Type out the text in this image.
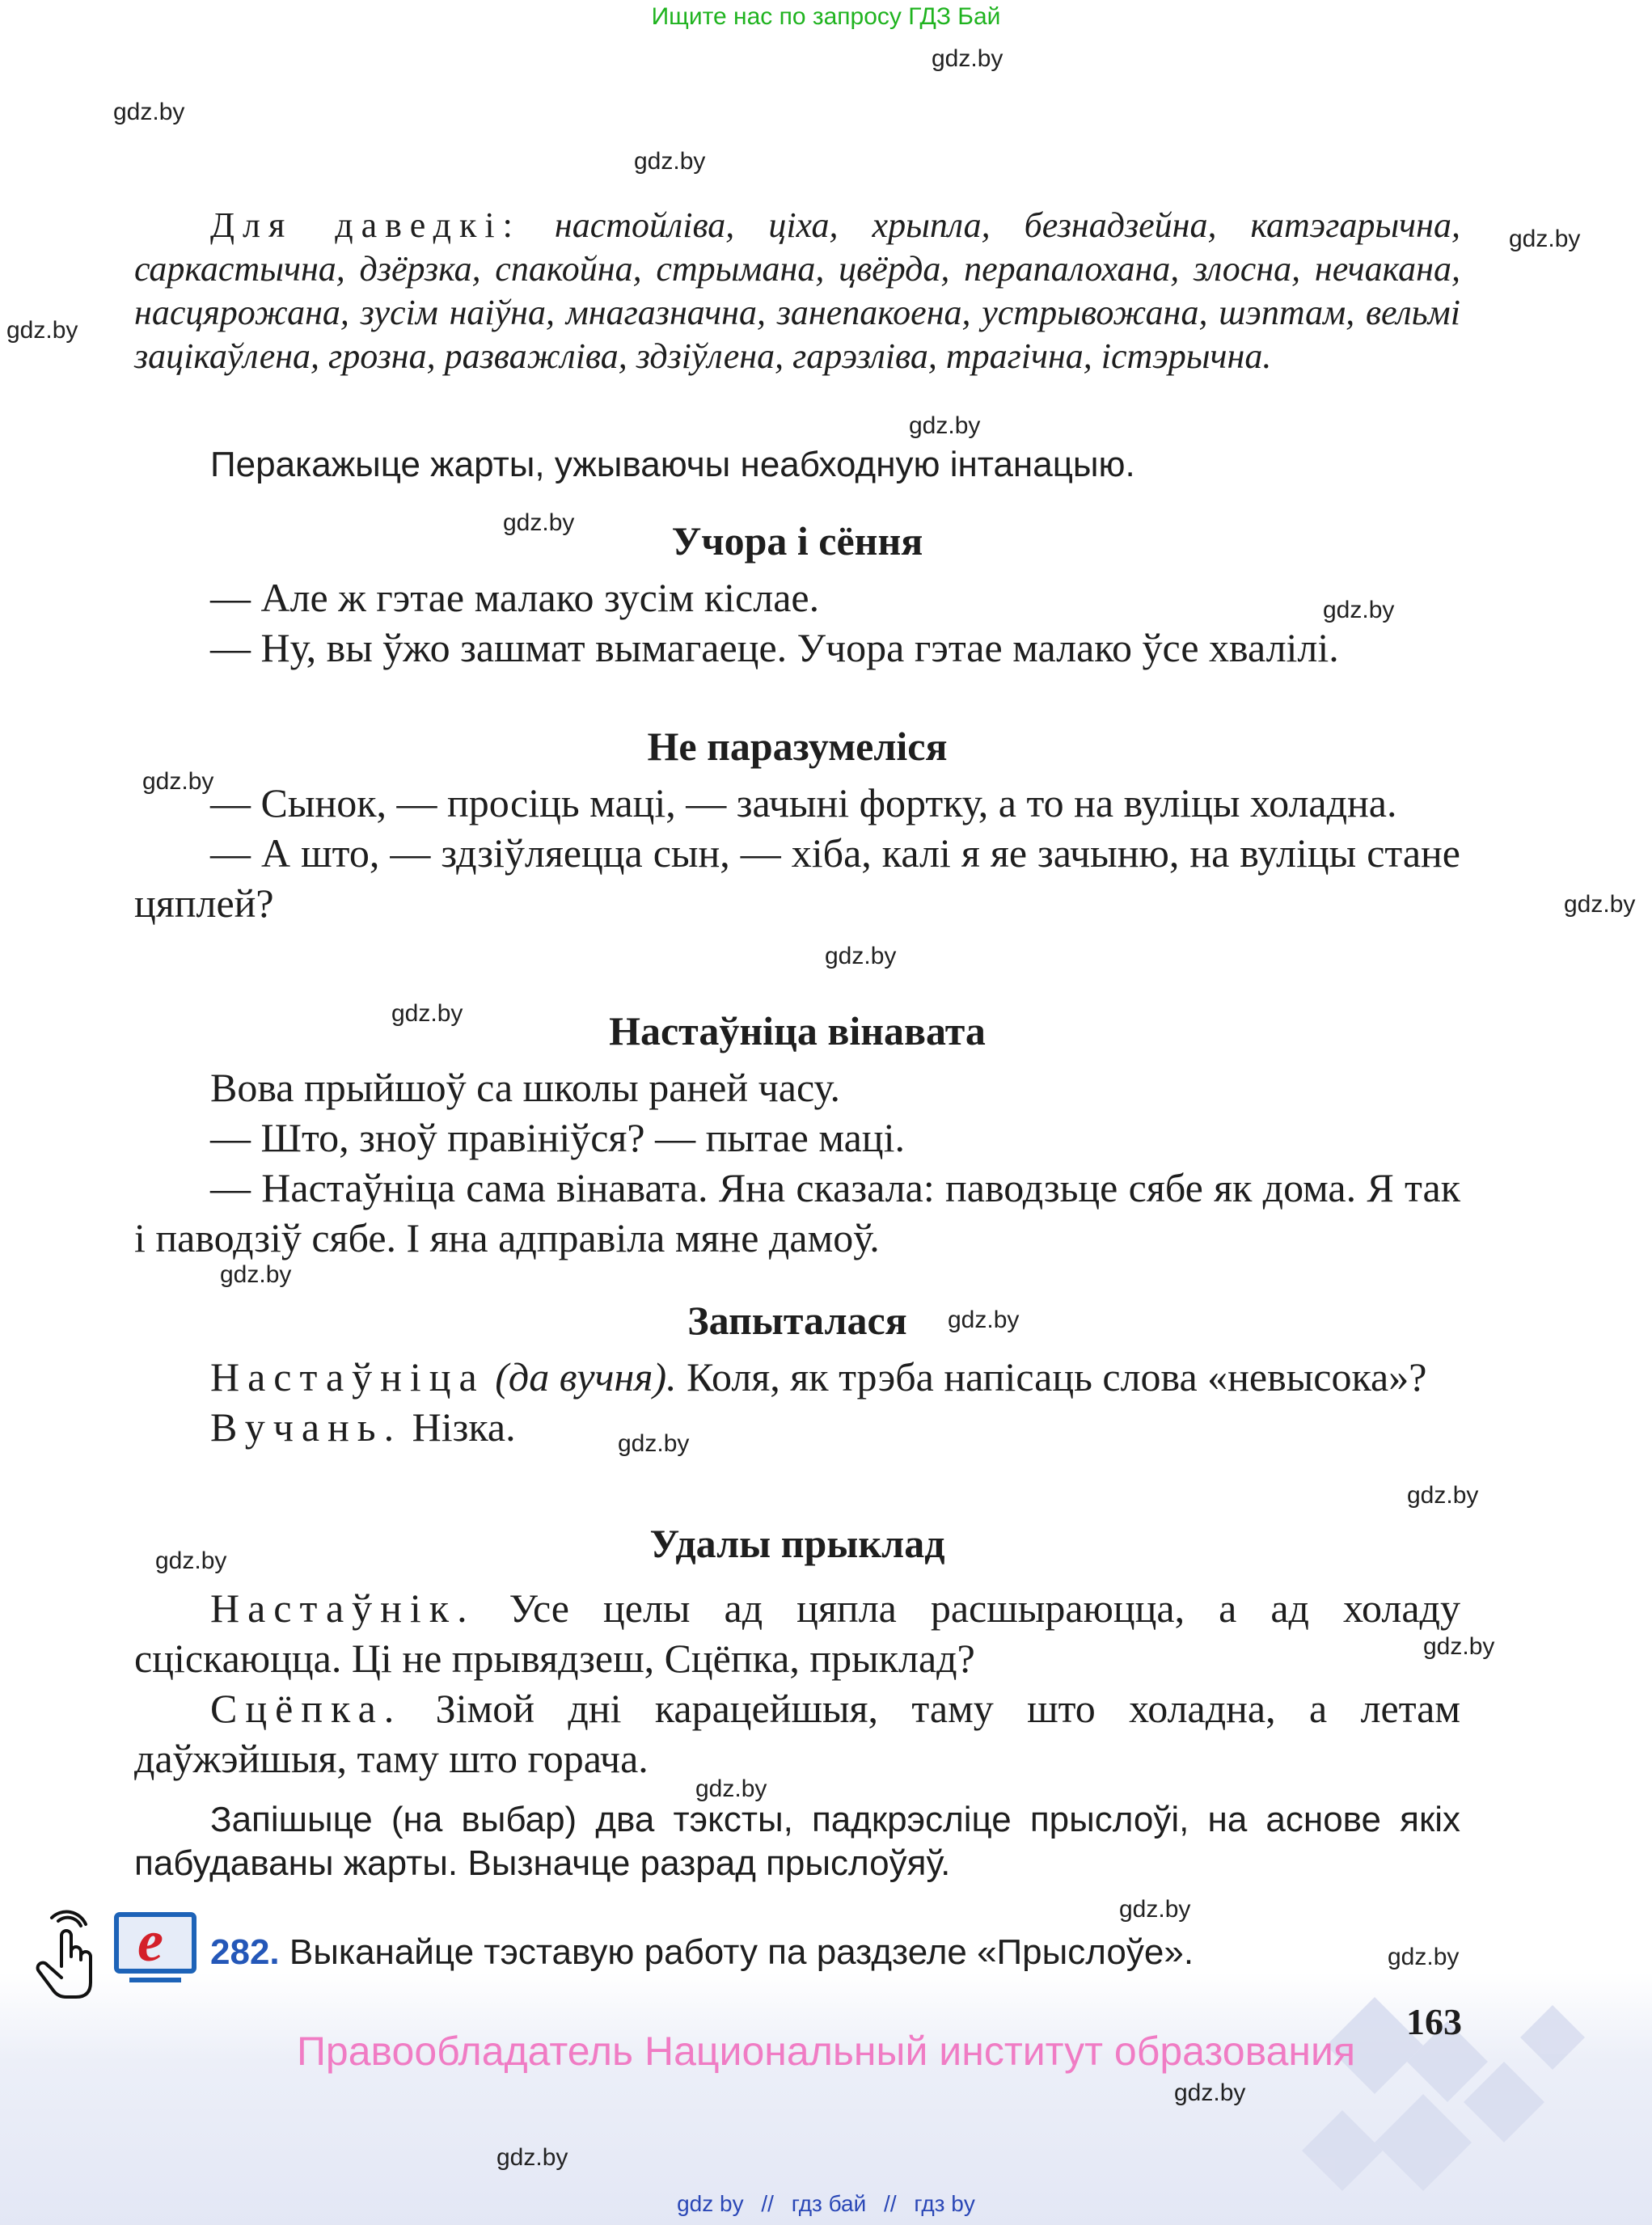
Ищите нас по запросу ГДЗ Бай
gdz.by
gdz.by
gdz.by
gdz.by
gdz.by
gdz.by
gdz.by
gdz.by
gdz.by
gdz.by
gdz.by
gdz.by
gdz.by
gdz.by
gdz.by
gdz.by
gdz.by
gdz.by
gdz.by
gdz.by
gdz.by

Для даведкі: настойліва, ціха, хрыпла, безнадзейна, катэгарычна, саркастычна, дзёрзка, спакойна, стрымана, цвёрда, перапалохана, злосна, нечакана, насцярожана, зусім наіўна, мнагазначна, занепакоена, устрывожана, шэптам, вельмі зацікаўлена, грозна, разважліва, здзіўлена, гарэзліва, трагічна, істэрычна.

Перакажыце жарты, ужываючы неабходную інтанацыю.

Учора і сёння

— Але ж гэтае малако зусім кіслае.

— Ну, вы ўжо зашмат вымагаеце. Учора гэтае малако ўсе хвалілі.

Не паразумеліся

— Сынок, — просіць маці, — зачыні фортку, а то на вуліцы холадна.

— А што, — здзіўляецца сын, — хіба, калі я яе зачыню, на вуліцы стане цяплей?

Настаўніца вінавата

Вова прыйшоў са школы раней часу.

— Што, зноў правініўся? — пытае маці.

— Настаўніца сама вінавата. Яна сказала: паводзьце сябе як дома. Я так і паводзіў сябе. І яна адправіла мяне дамоў.

Запыталася

Настаўніца (да вучня). Коля, як трэба напісаць слова «невысока»?

Вучань. Нізка.

Удалы прыклад

Настаўнік. Усе целы ад цяпла расшыраюцца, а ад холаду сціскаюцца. Ці не прывядзеш, Сцёпка, прыклад?

Сцёпка. Зімой дні карацейшыя, таму што холадна, а летам даўжэйшыя, таму што горача.

Запішыце (на выбар) два тэксты, падкрэсліце прыслоўі, на аснове якіх пабудаваны жарты. Вызначце разрад прыслоўяў.

e 282. Выканайце тэставую работу па раздзеле «Прыслоўе».
163
Правообладатель Национальный институт образования
gdz.by
gdz.by
gdz by // гдз бай // гдз by
